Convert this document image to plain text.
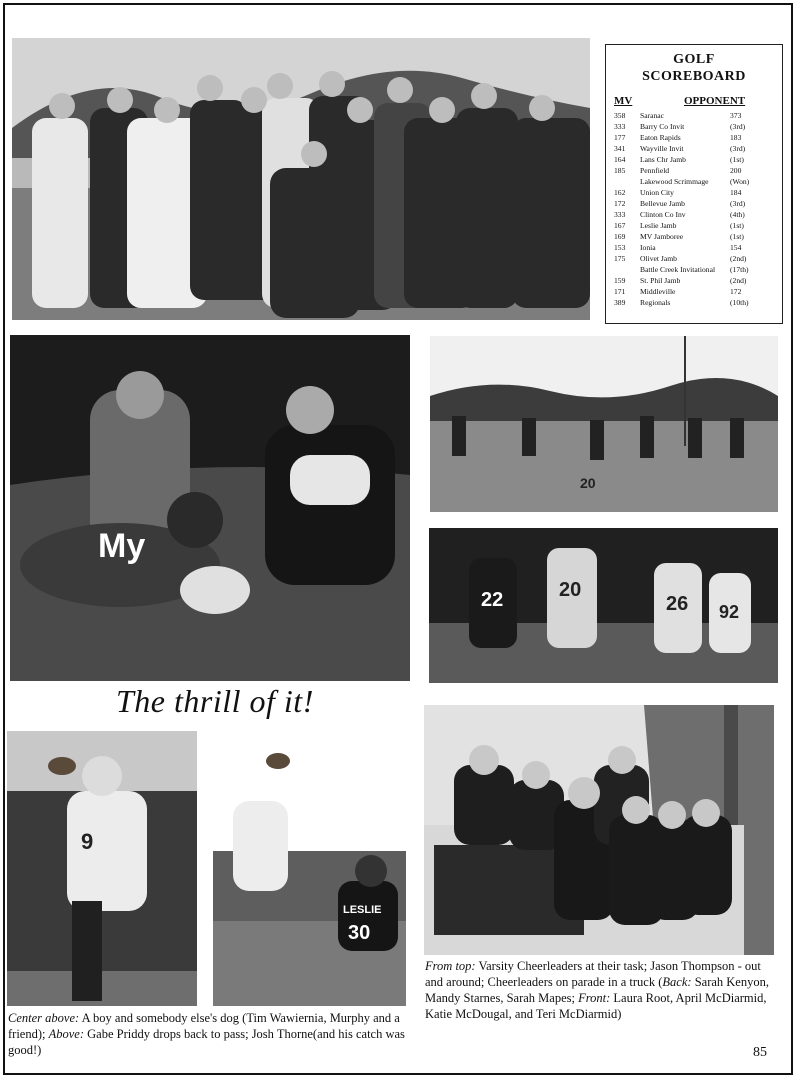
GOLF
SCOREBOARD
MV	OPPONENT
358	Saranac	373
333	Barry Co Invit	(3rd)
177	Eaton Rapids	183
341	Wayville Invit	(3rd)
164	Lans Chr Jamb	(1st)
185	Pennfield	200
Lakewood Scrimmage	(Won)
162	Union City	184
172	Bellevue Jamb	(3rd)
333	Clinton Co Inv	(4th)
167	Leslie Jamb	(1st)
169	MV Jamboree	(1st)
153	Ionia	154
175	Olivet Jamb	(2nd)
Battle Creek Invitational	(17th)
159	St. Phil Jamb	(2nd)
171	Middleville	172
389	Regionals	(10th)
My
20
22	20
26 92
The thrill of it!
9
LESLIE
30
Center above: A boy and somebody else's dog (Tim Wawiernia, Murphy and a friend); Above: Gabe Priddy drops back to pass; Josh Thorne(and his catch was good!)
From top: Varsity Cheerleaders at their task; Jason Thompson - out and around; Cheerleaders on parade in a truck (Back: Sarah Kenyon, Mandy Starnes, Sarah Mapes; Front: Laura Root, April McDiarmid, Katie McDougal, and Teri McDiarmid)
85
